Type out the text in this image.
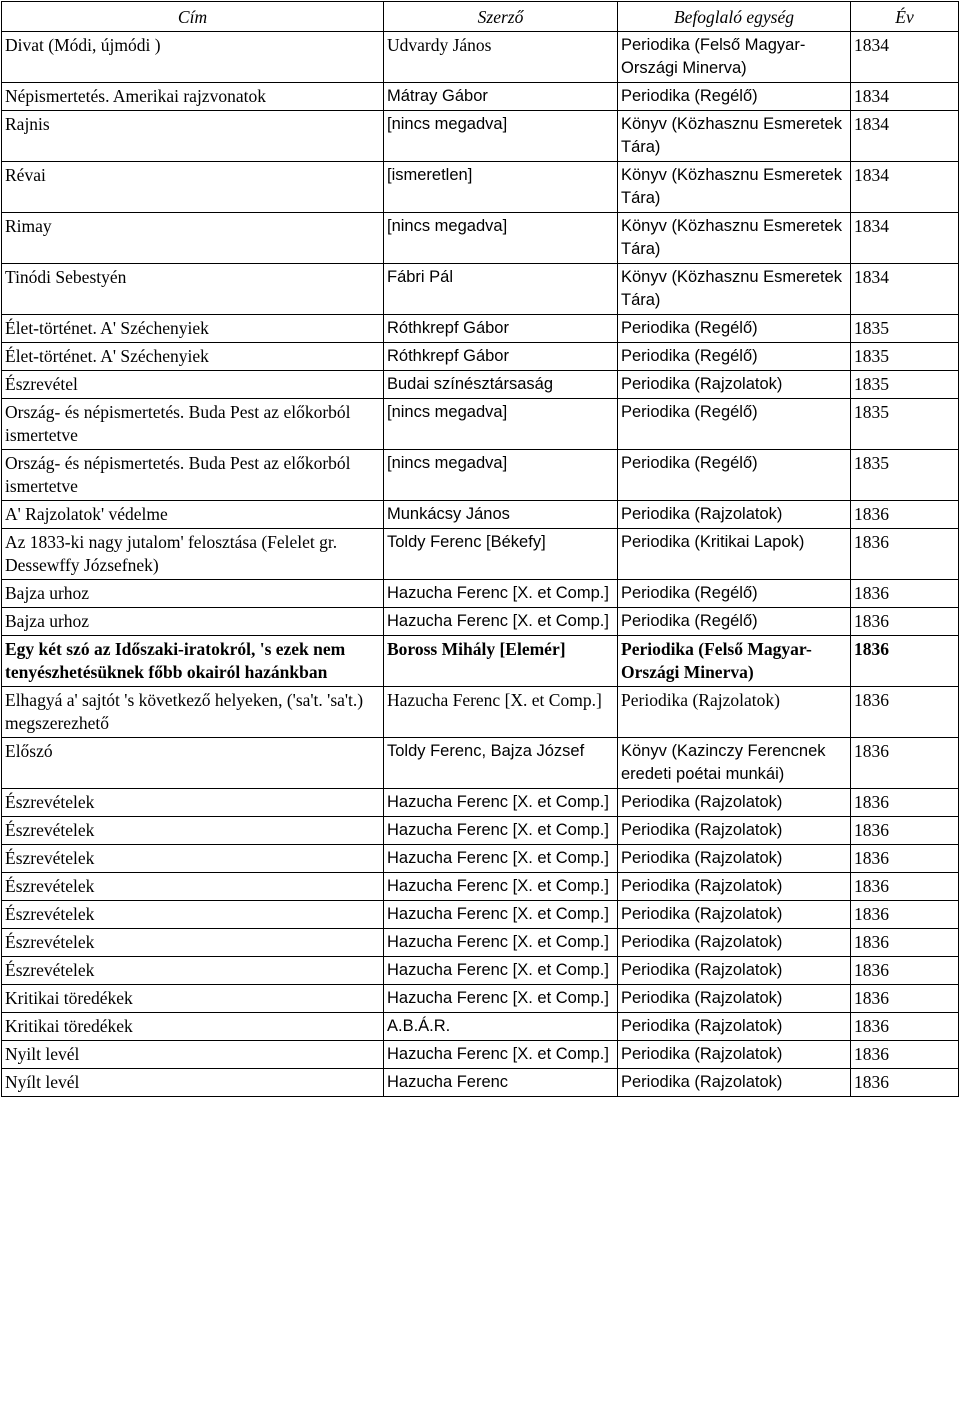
Cím	Szerző	Befoglaló egység	Év
Divat (Módi, újmódi )	Udvardy János	Periodika (Felső Magyar-Országi Minerva)	1834
Népismertetés. Amerikai rajzvonatok	Mátray Gábor	Periodika (Regélő)	1834
Rajnis	[nincs megadva]	Könyv (Közhasznu Esmeretek Tára)	1834
Révai	[ismeretlen]	Könyv (Közhasznu Esmeretek Tára)	1834
Rimay	[nincs megadva]	Könyv (Közhasznu Esmeretek Tára)	1834
Tinódi Sebestyén	Fábri Pál	Könyv (Közhasznu Esmeretek Tára)	1834
Élet-történet. A' Széchenyiek	Róthkrepf Gábor	Periodika (Regélő)	1835
Élet-történet. A' Széchenyiek	Róthkrepf Gábor	Periodika (Regélő)	1835
Észrevétel	Budai színésztársaság	Periodika (Rajzolatok)	1835
Ország- és népismertetés. Buda Pest az előkorból ismertetve	[nincs megadva]	Periodika (Regélő)	1835
Ország- és népismertetés. Buda Pest az előkorból ismertetve	[nincs megadva]	Periodika (Regélő)	1835
A' Rajzolatok' védelme	Munkácsy János	Periodika (Rajzolatok)	1836
Az 1833-ki nagy jutalom' felosztása (Felelet gr. Dessewffy Józsefnek)	Toldy Ferenc [Békefy]	Periodika (Kritikai Lapok)	1836
Bajza urhoz	Hazucha Ferenc [X. et Comp.]	Periodika (Regélő)	1836
Bajza urhoz	Hazucha Ferenc [X. et Comp.]	Periodika (Regélő)	1836
Egy két szó az Időszaki-iratokról, 's ezek nem tenyészhetésüknek főbb okairól hazánkban	Boross Mihály [Elemér]	Periodika (Felső Magyar-Országi Minerva)	1836
Elhagyá a' sajtót 's következő helyeken, ('sa't. 'sa't.) megszerezhető	Hazucha Ferenc [X. et Comp.]	Periodika (Rajzolatok)	1836
Előszó	Toldy Ferenc, Bajza József	Könyv (Kazinczy Ferencnek eredeti poétai munkái)	1836
Észrevételek	Hazucha Ferenc [X. et Comp.]	Periodika (Rajzolatok)	1836
Észrevételek	Hazucha Ferenc [X. et Comp.]	Periodika (Rajzolatok)	1836
Észrevételek	Hazucha Ferenc [X. et Comp.]	Periodika (Rajzolatok)	1836
Észrevételek	Hazucha Ferenc [X. et Comp.]	Periodika (Rajzolatok)	1836
Észrevételek	Hazucha Ferenc [X. et Comp.]	Periodika (Rajzolatok)	1836
Észrevételek	Hazucha Ferenc [X. et Comp.]	Periodika (Rajzolatok)	1836
Észrevételek	Hazucha Ferenc [X. et Comp.]	Periodika (Rajzolatok)	1836
Kritikai töredékek	Hazucha Ferenc [X. et Comp.]	Periodika (Rajzolatok)	1836
Kritikai töredékek	A.B.Á.R.	Periodika (Rajzolatok)	1836
Nyilt levél	Hazucha Ferenc [X. et Comp.]	Periodika (Rajzolatok)	1836
Nyílt levél	Hazucha Ferenc	Periodika (Rajzolatok)	1836
